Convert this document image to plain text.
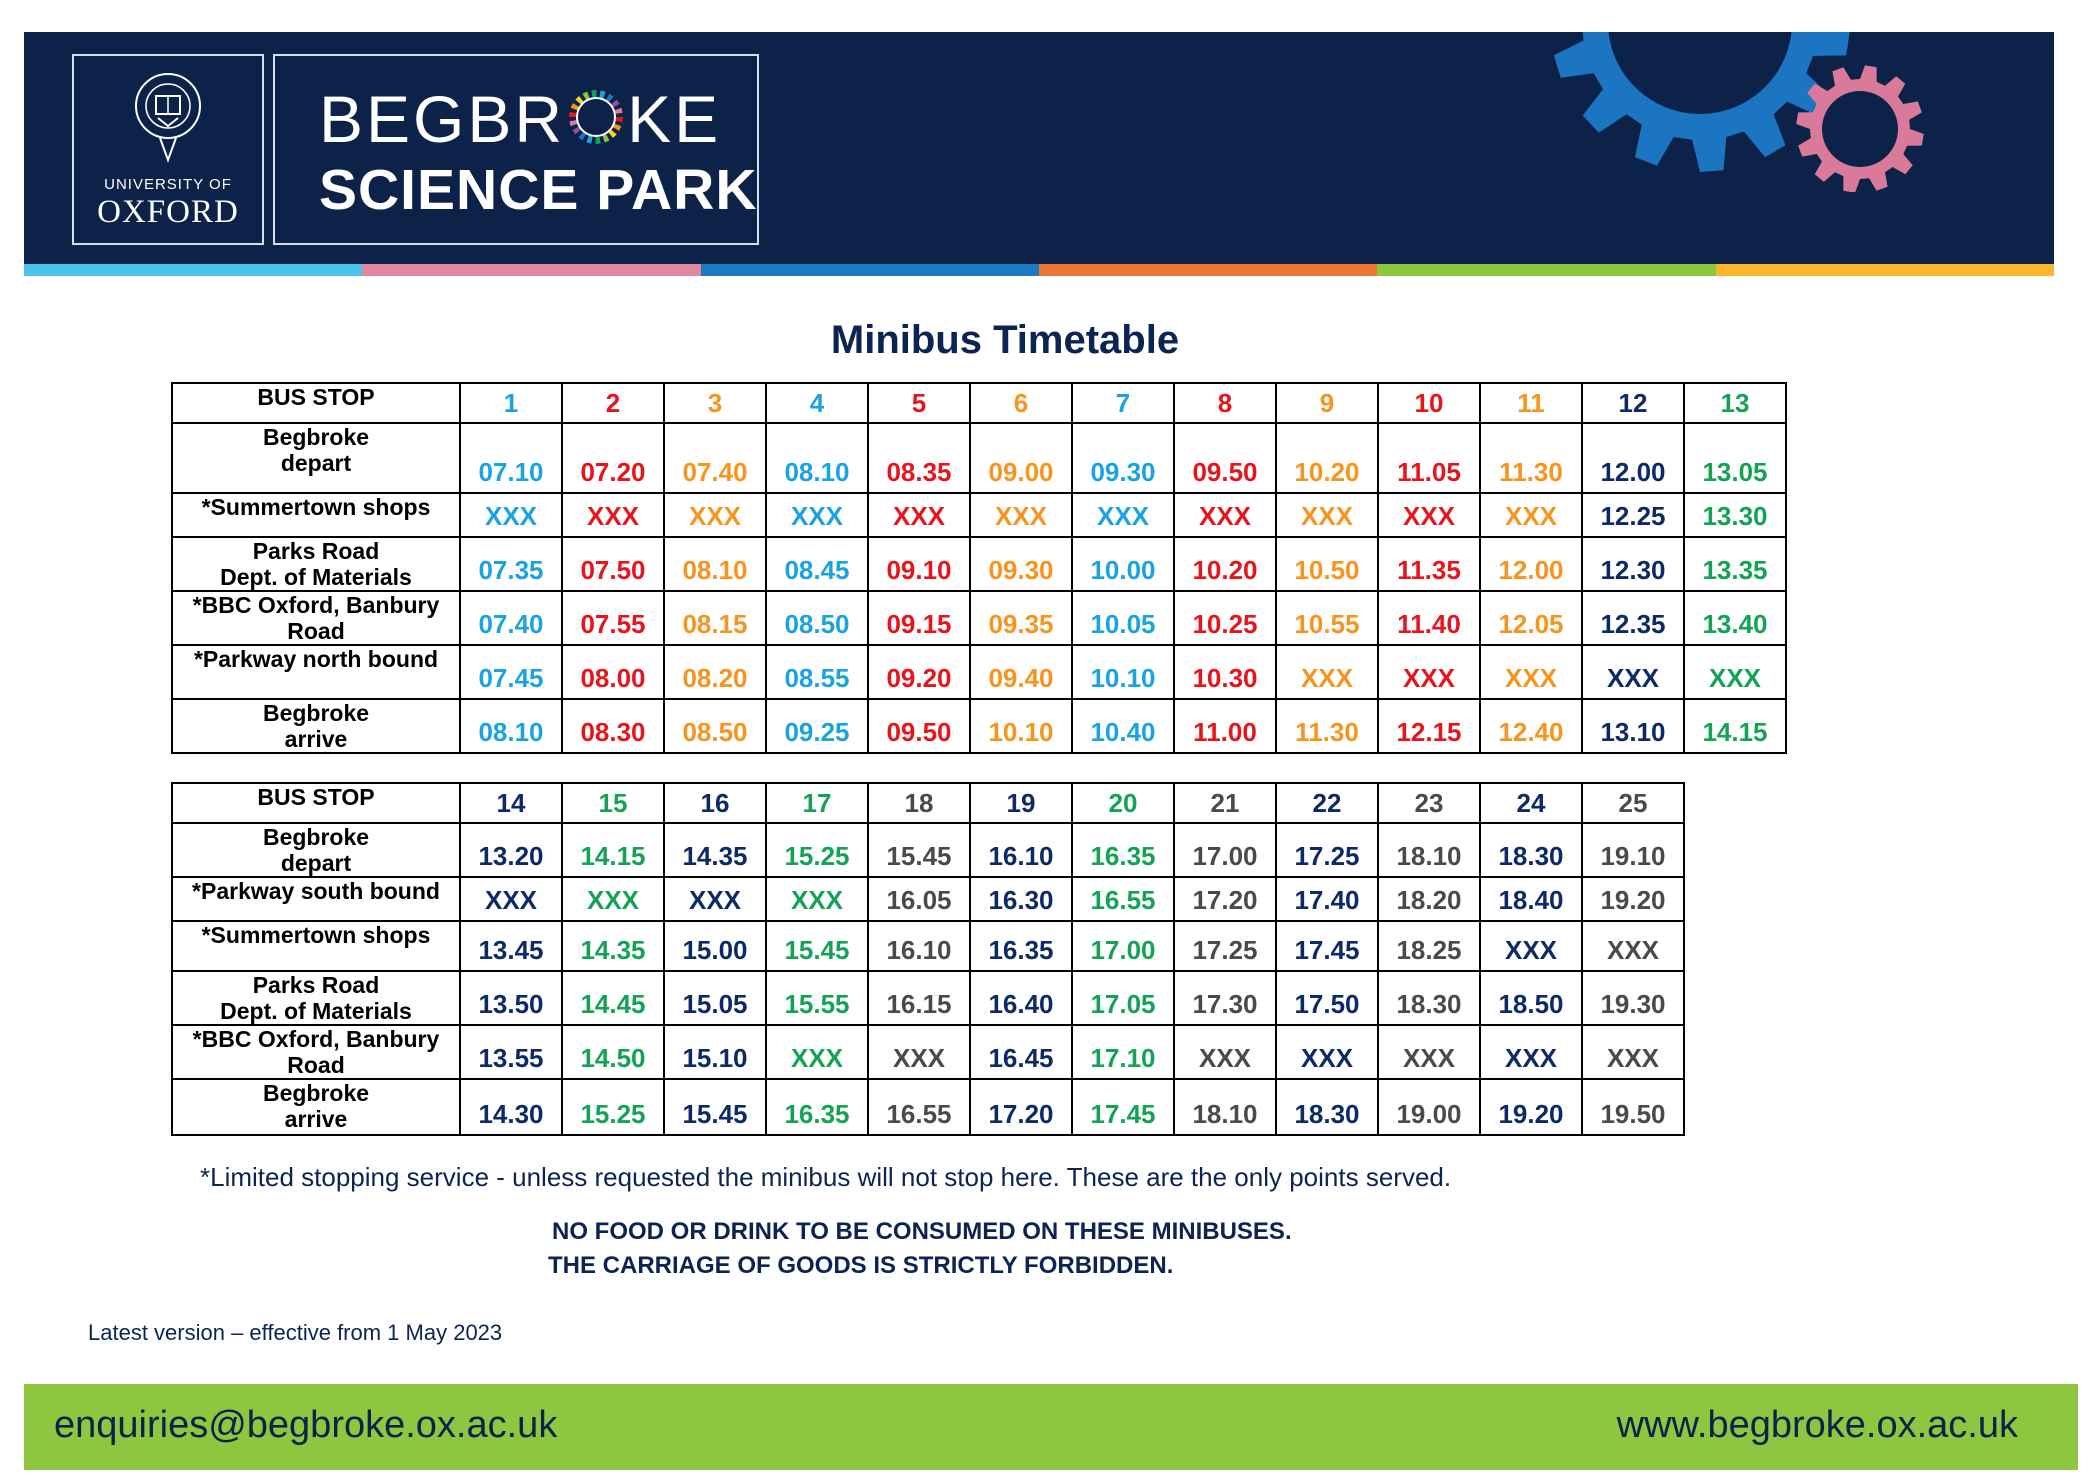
UNIVERSITY OF
OXFORD
BEGBR KE
SCIENCE PARK
Minibus Timetable
BUS STOP	1	2	3	4	5	6	7	8	9	10	11	12	13

Begbroke
depart	07.10	07.20	07.40	08.10	08.35	09.00	09.30	09.50	10.20	11.05	11.30	12.00	13.05

*Summertown shops	XXX	XXX	XXX	XXX	XXX	XXX	XXX	XXX	XXX	XXX	XXX	12.25	13.30

Parks Road
Dept. of Materials	07.35	07.50	08.10	08.45	09.10	09.30	10.00	10.20	10.50	11.35	12.00	12.30	13.35

*BBC Oxford, Banbury
Road	07.40	07.55	08.15	08.50	09.15	09.35	10.05	10.25	10.55	11.40	12.05	12.35	13.40

*Parkway north bound	07.45	08.00	08.20	08.55	09.20	09.40	10.10	10.30	XXX	XXX	XXX	XXX	XXX

Begbroke
arrive	08.10	08.30	08.50	09.25	09.50	10.10	10.40	11.00	11.30	12.15	12.40	13.10	14.15
BUS STOP	14	15	16	17	18	19	20	21	22	23	24	25

Begbroke
depart	13.20	14.15	14.35	15.25	15.45	16.10	16.35	17.00	17.25	18.10	18.30	19.10

*Parkway south bound	XXX	XXX	XXX	XXX	16.05	16.30	16.55	17.20	17.40	18.20	18.40	19.20

*Summertown shops	13.45	14.35	15.00	15.45	16.10	16.35	17.00	17.25	17.45	18.25	XXX	XXX

Parks Road
Dept. of Materials	13.50	14.45	15.05	15.55	16.15	16.40	17.05	17.30	17.50	18.30	18.50	19.30

*BBC Oxford, Banbury
Road	13.55	14.50	15.10	XXX	XXX	16.45	17.10	XXX	XXX	XXX	XXX	XXX

Begbroke
arrive	14.30	15.25	15.45	16.35	16.55	17.20	17.45	18.10	18.30	19.00	19.20	19.50
*Limited stopping service - unless requested the minibus will not stop here. These are the only points served.
NO FOOD OR DRINK TO BE CONSUMED ON THESE MINIBUSES.
THE CARRIAGE OF GOODS IS STRICTLY FORBIDDEN.
Latest version – effective from 1 May 2023
enquiries@begbroke.ox.ac.uk	www.begbroke.ox.ac.uk
